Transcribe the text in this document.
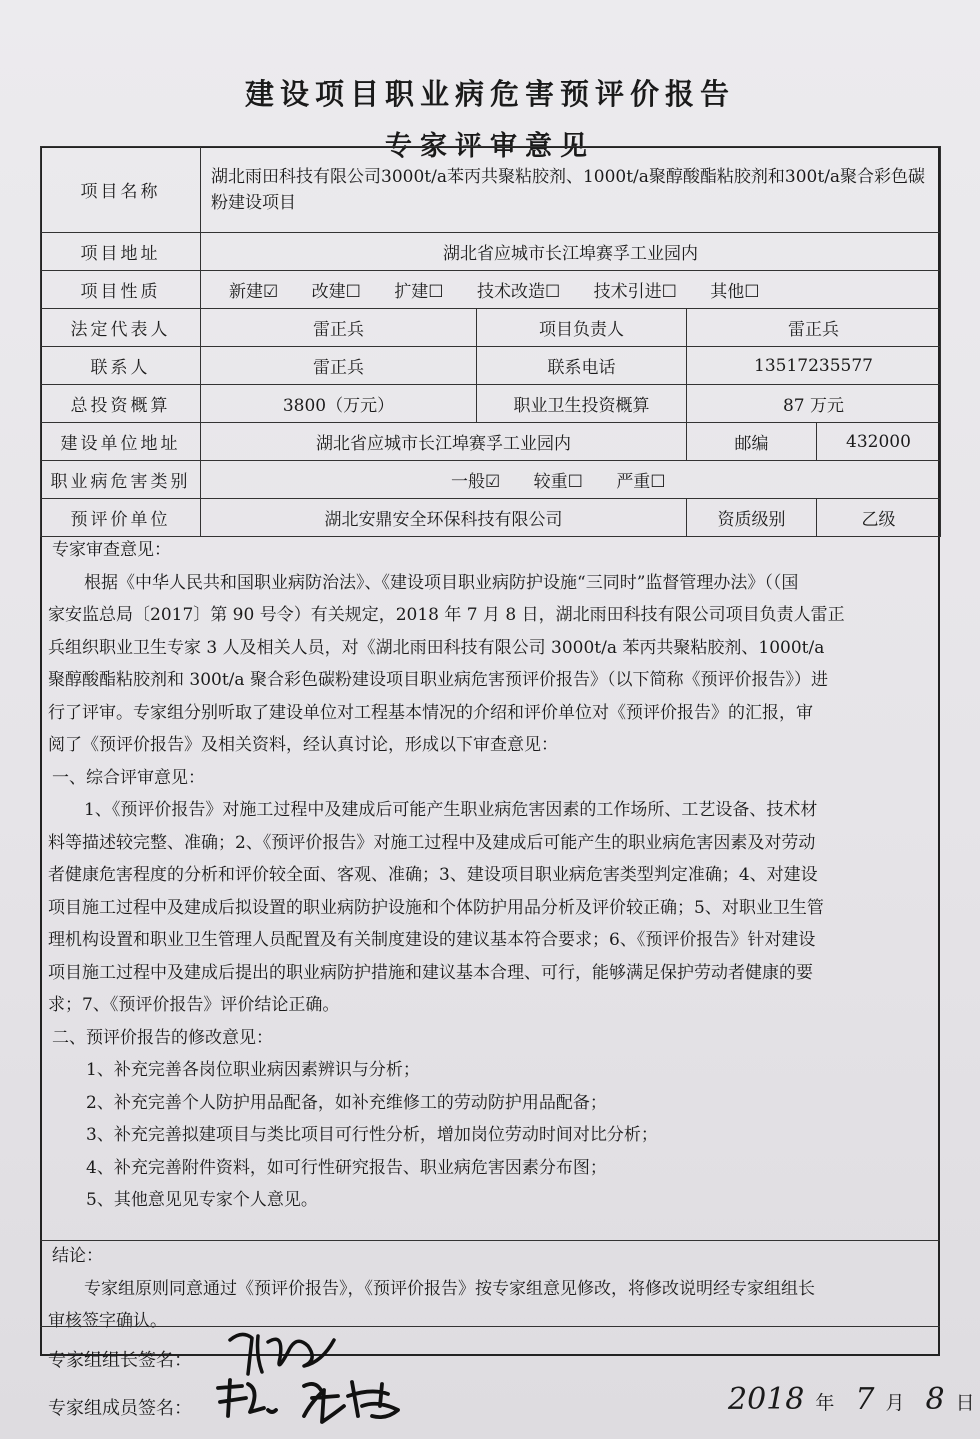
建设项目职业病危害预评价报告
专家评审意见
项目名称	湖北雨田科技有限公司3000t/a苯丙共聚粘胶剂、1000t/a聚醇酸酯粘胶剂和300t/a聚合彩色碳粉建设项目			
项目地址	湖北省应城市长江埠赛孚工业园内			
项目性质	新建☑ 改建☐ 扩建☐ 技术改造☐ 技术引进☐ 其他☐			
法定代表人	雷正兵	项目负责人	雷正兵	
联系人	雷正兵	联系电话	13517235577	
总投资概算	3800（万元）	职业卫生投资概算	87 万元	
建设单位地址	湖北省应城市长江埠赛孚工业园内		邮编	432000
职业病危害类别	一般☑ 较重☐ 严重☐			
预评价单位	湖北安鼎安全环保科技有限公司		资质级别	乙级

专家审查意见：

根据《中华人民共和国职业病防治法》、《建设项目职业病防护设施“三同时”监督管理办法》（（国

家安监总局〔2017〕第 90 号令）有关规定，2018 年 7 月 8 日，湖北雨田科技有限公司项目负责人雷正

兵组织职业卫生专家 3 人及相关人员，对《湖北雨田科技有限公司 3000t/a 苯丙共聚粘胶剂、1000t/a

聚醇酸酯粘胶剂和 300t/a 聚合彩色碳粉建设项目职业病危害预评价报告》（以下简称《预评价报告》）进

行了评审。专家组分别听取了建设单位对工程基本情况的介绍和评价单位对《预评价报告》的汇报，审

阅了《预评价报告》及相关资料，经认真讨论，形成以下审查意见：

一、综合评审意见：

1、《预评价报告》对施工过程中及建成后可能产生职业病危害因素的工作场所、工艺设备、技术材

料等描述较完整、准确；2、《预评价报告》对施工过程中及建成后可能产生的职业病危害因素及对劳动

者健康危害程度的分析和评价较全面、客观、准确；3、建设项目职业病危害类型判定准确；4、对建设

项目施工过程中及建成后拟设置的职业病防护设施和个体防护用品分析及评价较正确；5、对职业卫生管

理机构设置和职业卫生管理人员配置及有关制度建设的建议基本符合要求；6、《预评价报告》针对建设

项目施工过程中及建成后提出的职业病防护措施和建议基本合理、可行，能够满足保护劳动者健康的要

求；7、《预评价报告》评价结论正确。

二、预评价报告的修改意见：

1、补充完善各岗位职业病因素辨识与分析；

2、补充完善个人防护用品配备，如补充维修工的劳动防护用品配备；

3、补充完善拟建项目与类比项目可行性分析，增加岗位劳动时间对比分析；

4、补充完善附件资料，如可行性研究报告、职业病危害因素分布图；

5、其他意见见专家个人意见。

结论：

专家组原则同意通过《预评价报告》，《预评价报告》按专家组意见修改，将修改说明经专家组组长

审核签字确认。

专家组组长签名：
专家组成员签名：	2018 年 7 月 8 日
